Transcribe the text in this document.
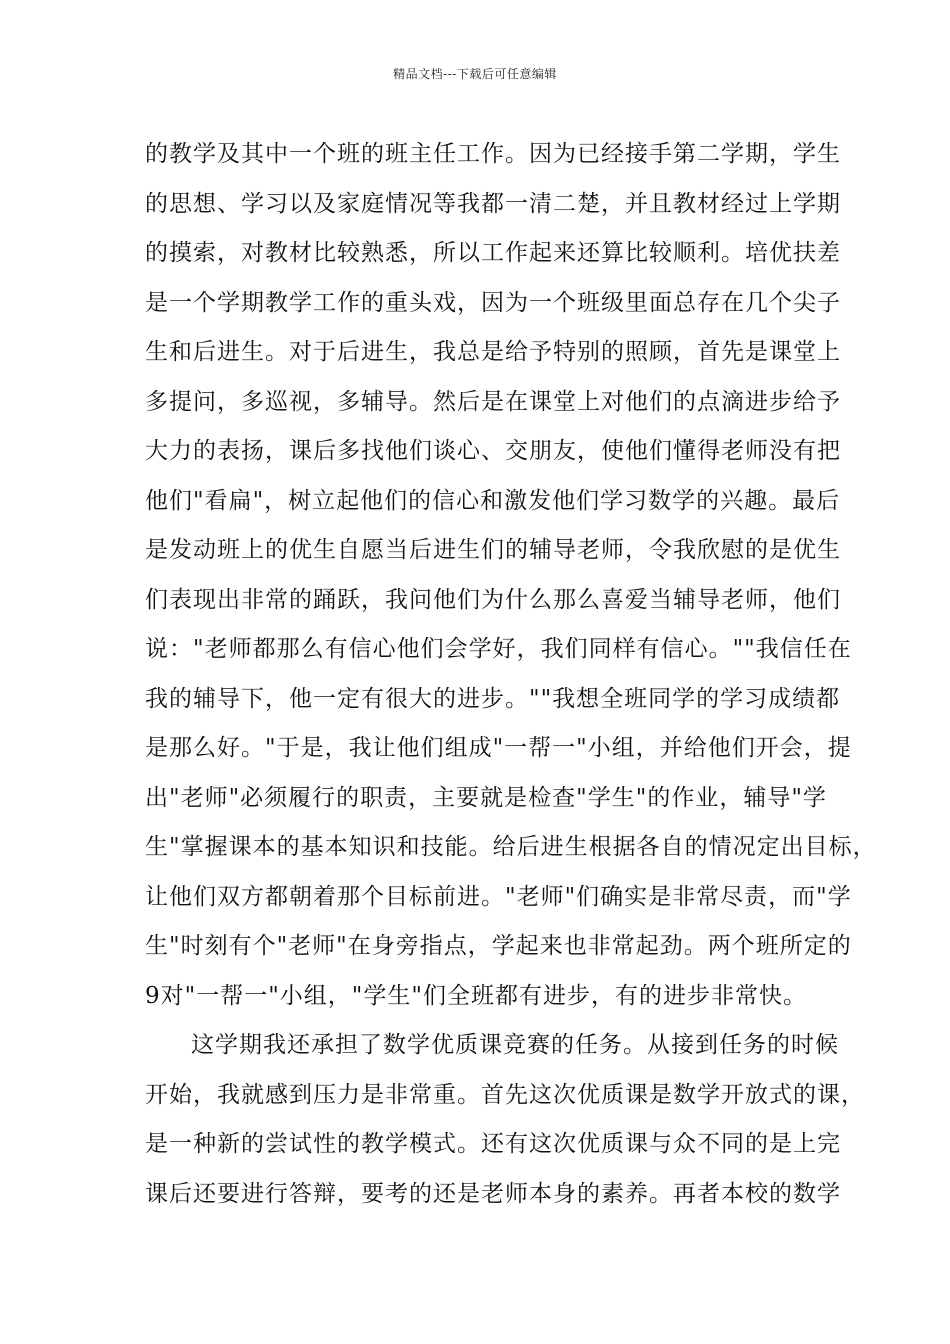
精品文档---下载后可任意编辑
的教学及其中一个班的班主任工作。因为已经接手第二学期，学生
的思想、学习以及家庭情况等我都一清二楚，并且教材经过上学期
的摸索，对教材比较熟悉，所以工作起来还算比较顺利。培优扶差
是一个学期教学工作的重头戏，因为一个班级里面总存在几个尖子
生和后进生。对于后进生，我总是给予特别的照顾，首先是课堂上
多提问，多巡视，多辅导。然后是在课堂上对他们的点滴进步给予
大力的表扬，课后多找他们谈心、交朋友，使他们懂得老师没有把
他们"看扁"，树立起他们的信心和激发他们学习数学的兴趣。最后
是发动班上的优生自愿当后进生们的辅导老师，令我欣慰的是优生
们表现出非常的踊跃，我问他们为什么那么喜爱当辅导老师，他们
说："老师都那么有信心他们会学好，我们同样有信心。""我信任在
我的辅导下，他一定有很大的进步。""我想全班同学的学习成绩都
是那么好。"于是，我让他们组成"一帮一"小组，并给他们开会，提
出"老师"必须履行的职责，主要就是检查"学生"的作业，辅导"学
生"掌握课本的基本知识和技能。给后进生根据各自的情况定出目标，
让他们双方都朝着那个目标前进。"老师"们确实是非常尽责，而"学
生"时刻有个"老师"在身旁指点，学起来也非常起劲。两个班所定的
9对"一帮一"小组，"学生"们全班都有进步，有的进步非常快。
这学期我还承担了数学优质课竞赛的任务。从接到任务的时候
开始，我就感到压力是非常重。首先这次优质课是数学开放式的课，
是一种新的尝试性的教学模式。还有这次优质课与众不同的是上完
课后还要进行答辩，要考的还是老师本身的素养。再者本校的数学
